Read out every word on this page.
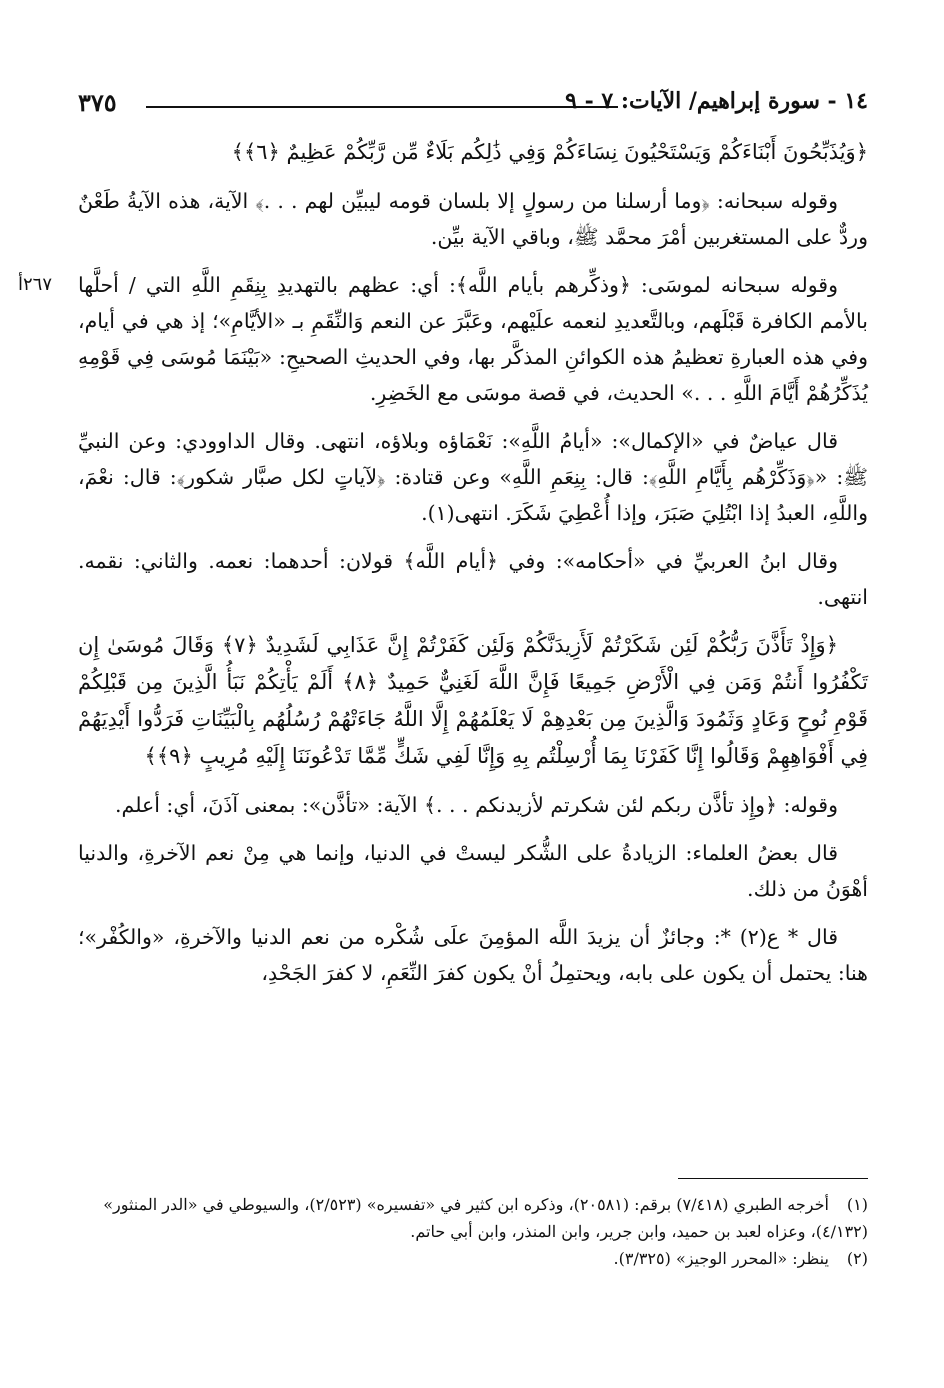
١٤ - سورة إبراهيم/ الآيات: ٧ - ٩
٣٧٥

﴿وَيُذَبِّحُونَ أَبْنَاءَكُمْ وَيَسْتَحْيُونَ نِسَاءَكُمْ وَفِي ذَٰلِكُم بَلَاءٌ مِّن رَّبِّكُمْ عَظِيمٌ ﴿٦﴾﴾

وقوله سبحانه: ﴿وما أرسلنا من رسولٍ إلا بلسان قومه ليبيِّن لهم . . .﴾ الآية، هذه الآيةُ طَعْنٌ وردٌّ على المستغربين أمْرَ محمَّد ﷺ، وباقي الآية بيِّن.

٢٦٧أ وقوله سبحانه لموسَى: ﴿وذكِّرهم بأيام اللَّه﴾: أي: عظهم بالتهديدِ بِنِقَمِ اللَّهِ التي / أحلَّها بالأمم الكافرة قَبْلَهم، وبالتَّعديدِ لنعمه علَيْهم، وعَبَّرَ عن النعم وَالنِّقَمِ بـ «الأيَّامِ»؛ إذ هي في أيام، وفي هذه العبارةِ تعظيمُ هذه الكوائنِ المذكَّر بها، وفي الحديثِ الصحيحِ: «بَيْنَمَا مُوسَى فِي قَوْمِهِ يُذَكِّرُهُمْ أَيَّامَ اللَّهِ . . .» الحديث، في قصة موسَى مع الخَضِرِ.

قال عياضٌ في «الإكمال»: «أيامُ اللَّهِ»: نَعْمَاؤه وبلاؤه، انتهى. وقال الداوودي: وعن النبيِّ ﷺ: «﴿وَذَكِّرْهُم بِأَيَّامِ اللَّهِ﴾: قال: بِنِعَمِ اللَّهِ» وعن قتادة: ﴿لآياتٍ لكل صبَّار شكور﴾: قال: نعْمَ، واللَّهِ، العبدُ إذا ابْتُلِيَ صَبَرَ، وإذا أُعْطِيَ شَكَرَ. انتهى(١).

وقال ابنُ العربيِّ في «أحكامه»: وفي ﴿أيام اللَّه﴾ قولان: أحدهما: نعمه. والثاني: نقمه. انتهى.

﴿وَإِذْ تَأَذَّنَ رَبُّكُمْ لَئِن شَكَرْتُمْ لَأَزِيدَنَّكُمْ وَلَئِن كَفَرْتُمْ إِنَّ عَذَابِي لَشَدِيدٌ ﴿٧﴾ وَقَالَ مُوسَىٰ إِن تَكْفُرُوا أَنتُمْ وَمَن فِي الْأَرْضِ جَمِيعًا فَإِنَّ اللَّهَ لَغَنِيٌّ حَمِيدٌ ﴿٨﴾ أَلَمْ يَأْتِكُمْ نَبَأُ الَّذِينَ مِن قَبْلِكُمْ قَوْمِ نُوحٍ وَعَادٍ وَثَمُودَ وَالَّذِينَ مِن بَعْدِهِمْ لَا يَعْلَمُهُمْ إِلَّا اللَّهُ جَاءَتْهُمْ رُسُلُهُم بِالْبَيِّنَاتِ فَرَدُّوا أَيْدِيَهُمْ فِي أَفْوَاهِهِمْ وَقَالُوا إِنَّا كَفَرْنَا بِمَا أُرْسِلْتُم بِهِ وَإِنَّا لَفِي شَكٍّ مِّمَّا تَدْعُونَنَا إِلَيْهِ مُرِيبٍ ﴿٩﴾﴾

وقوله: ﴿وإِذ تأذَّن ربكم لئن شكرتم لأزيدنكم . . .﴾ الآية: «تأذَّن»: بمعنى آذَنَ، أي: أعلم.

قال بعضُ العلماء: الزيادةُ على الشُّكر ليستْ في الدنيا، وإنما هي مِنْ نعم الآخرةِ، والدنيا أهْوَنُ من ذلك.

قال * ع(٢) *: وجائزٌ أن يزيدَ اللَّه المؤمِنَ علَى شُكْره من نعم الدنيا والآخرةِ، «والكُفْر»؛ هنا: يحتمل أن يكون على بابه، ويحتمِلُ أنْ يكون كفرَ النِّعَمِ، لا كفرَ الجَحْدِ،

(١) أخرجه الطبري (٧/٤١٨) برقم: (٢٠٥٨١)، وذكره ابن كثير في «تفسيره» (٢/٥٢٣)، والسيوطي في «الدر المنثور» (٤/١٣٢)، وعزاه لعبد بن حميد، وابن جرير، وابن المنذر، وابن أبي حاتم.

(٢) ينظر: «المحرر الوجيز» (٣/٣٢٥).
